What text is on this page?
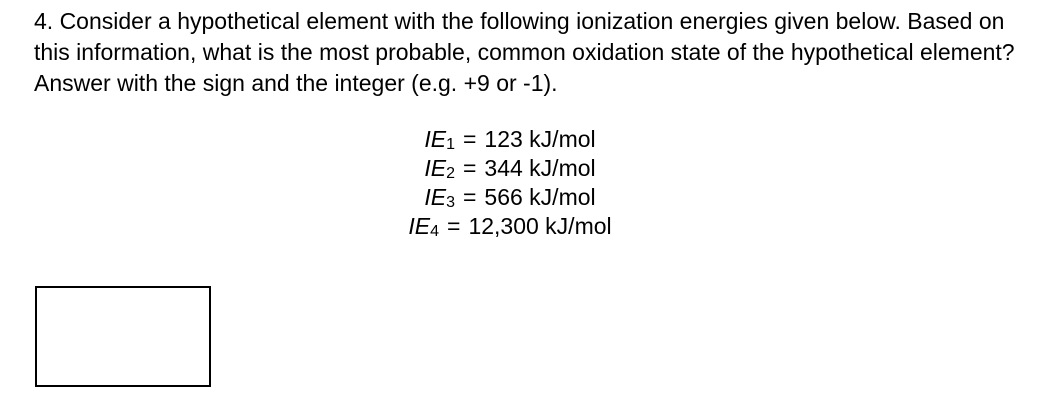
4. Consider a hypothetical element with the following ionization energies given below. Based on this information, what is the most probable, common oxidation state of the hypothetical element? Answer with the sign and the integer (e.g. +9 or -1).

$IE_1 = 123$ kJ/mol
$IE_2 = 344$ kJ/mol
$IE_3 = 566$ kJ/mol
$IE_4 = 12,300$ kJ/mol
